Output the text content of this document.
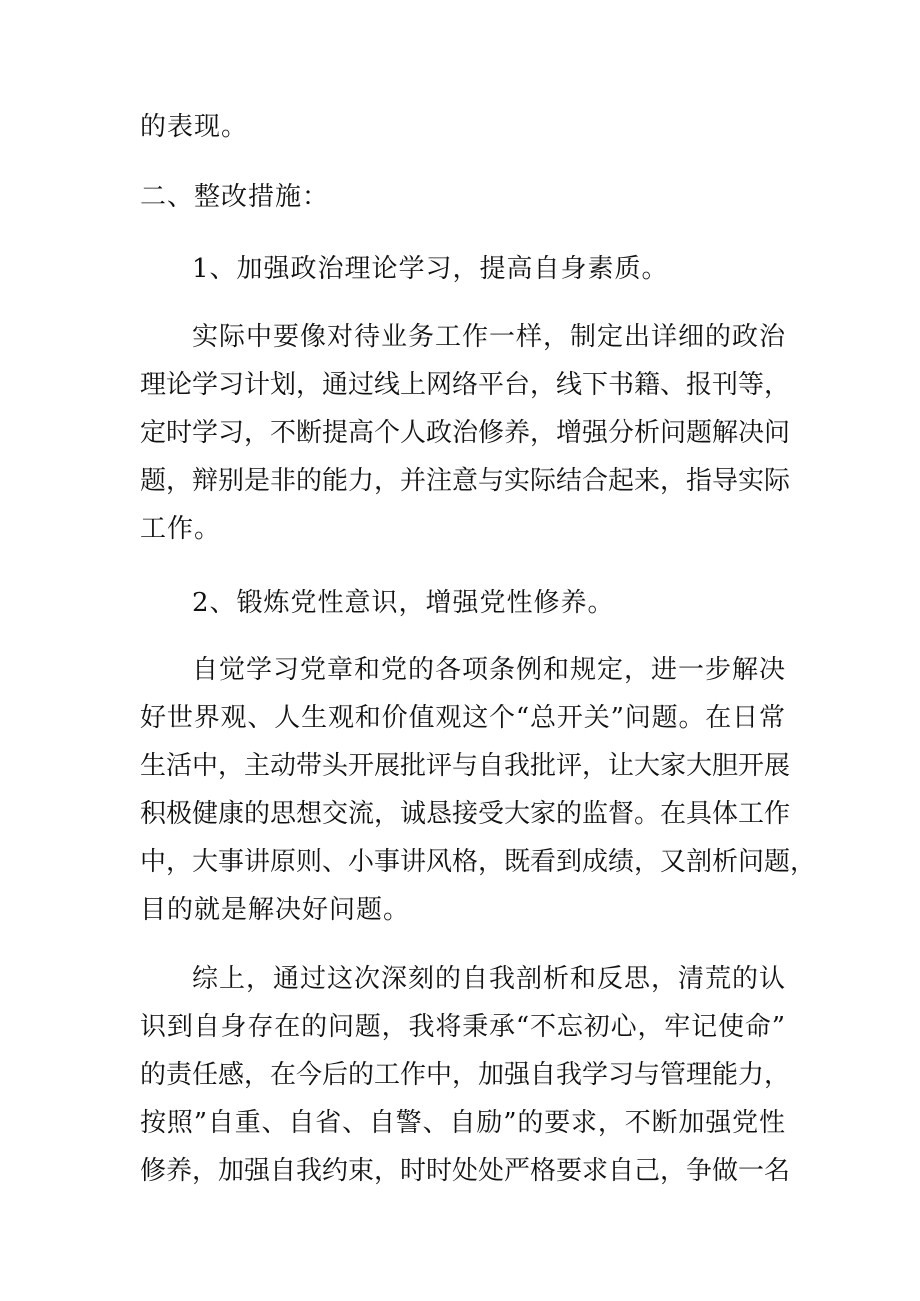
的表现。
二、整改措施：
1、加强政治理论学习，提高自身素质。
实际中要像对待业务工作一样，制定出详细的政治
理论学习计划，通过线上网络平台，线下书籍、报刊等，
定时学习，不断提高个人政治修养，增强分析问题解决问
题，辩别是非的能力，并注意与实际结合起来，指导实际
工作。
2、锻炼党性意识，增强党性修养。
自觉学习党章和党的各项条例和规定，进一步解决
好世界观、人生观和价值观这个“总开关”问题。在日常
生活中，主动带头开展批评与自我批评，让大家大胆开展
积极健康的思想交流，诚恳接受大家的监督。在具体工作
中，大事讲原则、小事讲风格，既看到成绩，又剖析问题，
目的就是解决好问题。
综上，通过这次深刻的自我剖析和反思，清荒的认
识到自身存在的问题，我将秉承“不忘初心，牢记使命”
的责任感，在今后的工作中，加强自我学习与管理能力，
按照”自重、自省、自警、自励”的要求，不断加强党性
修养，加强自我约束，时时处处严格要求自己，争做一名
